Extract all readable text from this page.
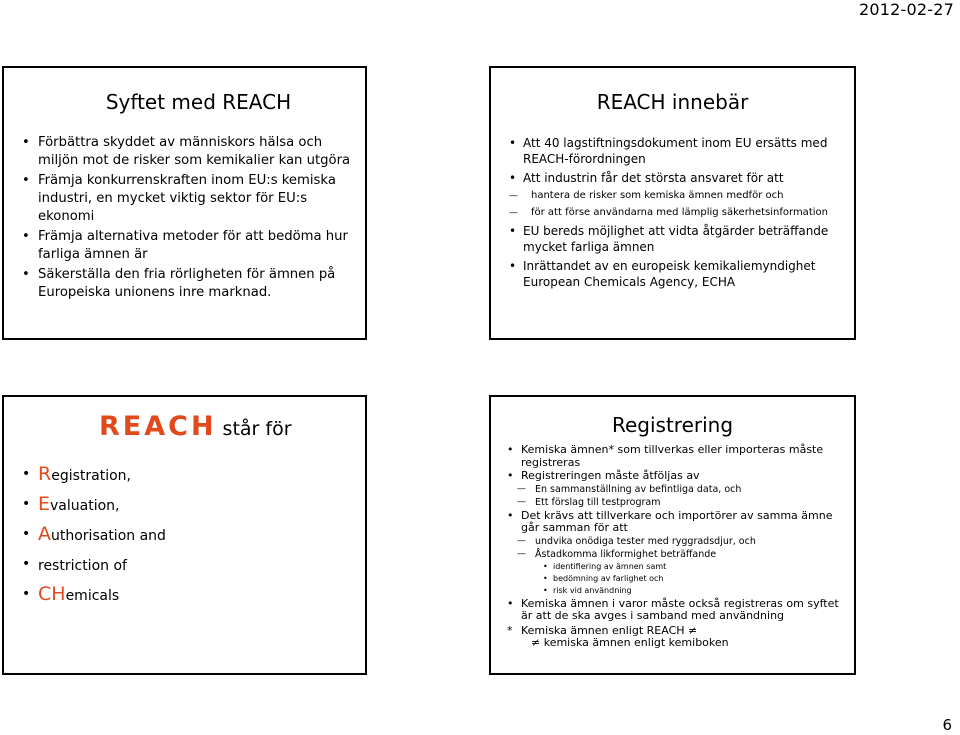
2012-02-27
Syftet med REACH
• Förbättra skyddet av människors hälsa och miljön mot de risker som kemikalier kan utgöra
• Främja konkurrenskraften inom EU:s kemiska industri, en mycket viktig sektor för EU:s ekonomi
• Främja alternativa metoder för att bedöma hur farliga ämnen är
• Säkerställa den fria rörligheten för ämnen på Europeiska unionens inre marknad.
REACH innebär
• Att 40 lagstiftningsdokument inom EU ersätts med REACH-förordningen
• Att industrin får det största ansvaret för att
— hantera de risker som kemiska ämnen medför och
— för att förse användarna med lämplig säkerhetsinformation
• EU bereds möjlighet att vidta åtgärder beträffande mycket farliga ämnen
• Inrättandet av en europeisk kemikaliemyndighet European Chemicals Agency, ECHA
REACH står för
• Registration,
• Evaluation,
• Authorisation and
• restriction of
• CHemicals
Registrering
• Kemiska ämnen* som tillverkas eller importeras måste registreras
• Registreringen måste åtföljas av
— En sammanställning av befintliga data, och
— Ett förslag till testprogram
• Det krävs att tillverkare och importörer av samma ämne går samman för att
— undvika onödiga tester med ryggradsdjur, och
— Åstadkomma likformighet beträffande
• identifiering av ämnen samt
• bedömning av farlighet och
• risk vid användning
• Kemiska ämnen i varor måste också registreras om syftet är att de ska avges i samband med användning
* Kemiska ämnen enligt REACH ≠
≠ kemiska ämnen enligt kemiboken
6
